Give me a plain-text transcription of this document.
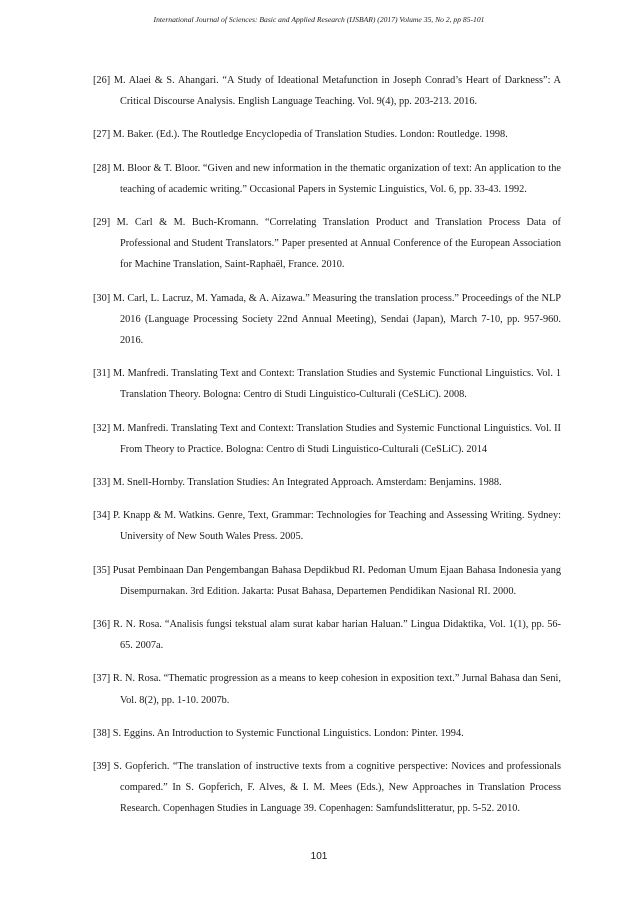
International Journal of Sciences: Basic and Applied Research (IJSBAR) (2017) Volume 35, No 2, pp 85-101
[26] M. Alaei & S. Ahangari. “A Study of Ideational Metafunction in Joseph Conrad’s Heart of Darkness”: A Critical Discourse Analysis. English Language Teaching. Vol. 9(4), pp. 203-213. 2016.
[27] M. Baker. (Ed.). The Routledge Encyclopedia of Translation Studies. London: Routledge. 1998.
[28] M. Bloor & T. Bloor. “Given and new information in the thematic organization of text: An application to the teaching of academic writing.” Occasional Papers in Systemic Linguistics, Vol. 6, pp. 33-43. 1992.
[29] M. Carl & M. Buch-Kromann. “Correlating Translation Product and Translation Process Data of Professional and Student Translators.” Paper presented at Annual Conference of the European Association for Machine Translation, Saint-Raphaël, France. 2010.
[30] M. Carl, L. Lacruz, M. Yamada, & A. Aizawa.” Measuring the translation process.” Proceedings of the NLP 2016 (Language Processing Society 22nd Annual Meeting), Sendai (Japan), March 7-10, pp. 957-960. 2016.
[31] M. Manfredi. Translating Text and Context: Translation Studies and Systemic Functional Linguistics. Vol. 1 Translation Theory. Bologna: Centro di Studi Linguistico-Culturali (CeSLiC). 2008.
[32] M. Manfredi. Translating Text and Context: Translation Studies and Systemic Functional Linguistics. Vol. II From Theory to Practice. Bologna: Centro di Studi Linguistico-Culturali (CeSLiC). 2014
[33] M. Snell-Hornby. Translation Studies: An Integrated Approach. Amsterdam: Benjamins. 1988.
[34] P. Knapp & M. Watkins. Genre, Text, Grammar: Technologies for Teaching and Assessing Writing. Sydney: University of New South Wales Press. 2005.
[35] Pusat Pembinaan Dan Pengembangan Bahasa Depdikbud RI. Pedoman Umum Ejaan Bahasa Indonesia yang Disempurnakan. 3rd Edition. Jakarta: Pusat Bahasa, Departemen Pendidikan Nasional RI. 2000.
[36] R. N. Rosa. “Analisis fungsi tekstual alam surat kabar harian Haluan.” Lingua Didaktika, Vol. 1(1), pp. 56-65. 2007a.
[37] R. N. Rosa. “Thematic progression as a means to keep cohesion in exposition text.” Jurnal Bahasa dan Seni, Vol. 8(2), pp. 1-10. 2007b.
[38] S. Eggins. An Introduction to Systemic Functional Linguistics. London: Pinter. 1994.
[39] S. Gopferich. “The translation of instructive texts from a cognitive perspective: Novices and professionals compared.” In S. Gopferich, F. Alves, & I. M. Mees (Eds.), New Approaches in Translation Process Research. Copenhagen Studies in Language 39. Copenhagen: Samfundslitteratur, pp. 5-52. 2010.
101
